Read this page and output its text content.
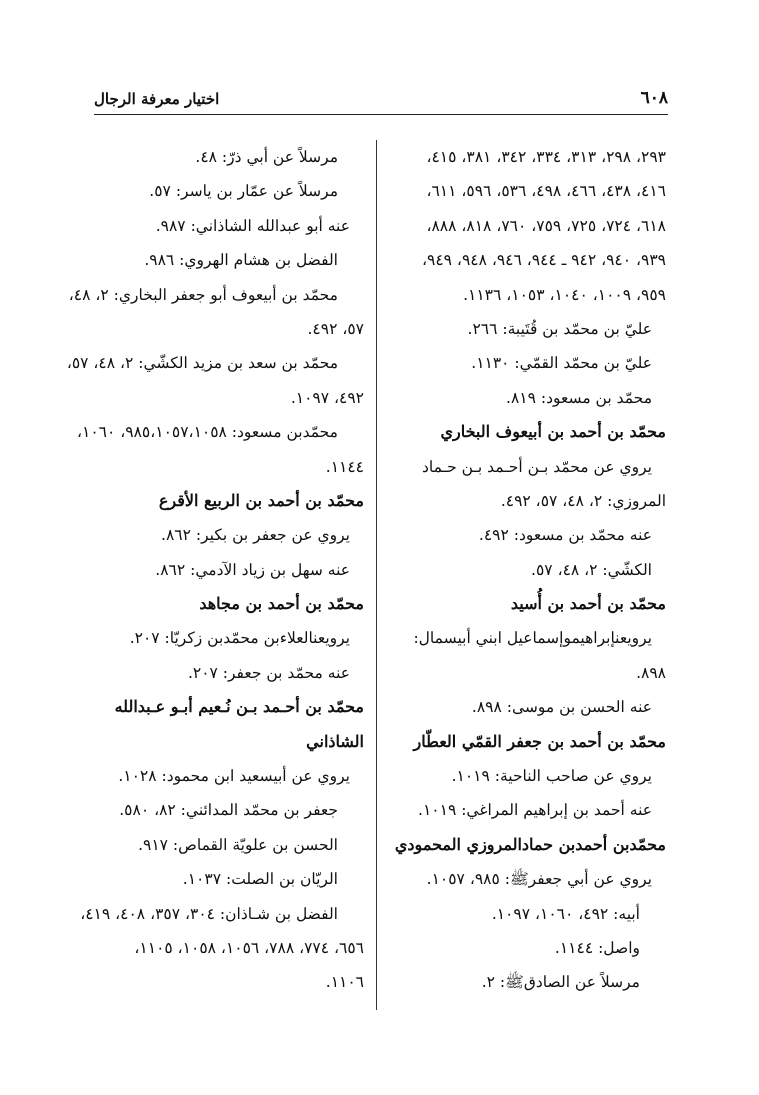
٦٠٨
اختيار معرفة الرجال
٢٩٣، ٢٩٨، ٣١٣، ٣٣٤، ٣٤٢، ٣٨١، ٤١٥،
٤١٦، ٤٣٨، ٤٦٦، ٤٩٨، ٥٣٦، ٥٩٦، ٦١١،
٦١٨، ٧٢٤، ٧٢٥، ٧٥٩، ٧٦٠، ٨١٨، ٨٨٨،
٩٣٩، ٩٤٠، ٩٤٢ ـ ٩٤٤، ٩٤٦، ٩٤٨، ٩٤٩،
٩٥٩، ١٠٠٩، ١٠٤٠، ١٠٥٣، ١١٣٦.
عليّ بن محمّد بن قُتَيبة: ٢٦٦.
عليّ بن محمّد القمّي: ١١٣٠.
محمّد بن مسعود: ٨١٩.
محمّد بن أحمد بن أبيعوف البخاري
يروي عن محمّد بـن أحـمد بـن حـماد
المروزي: ٢، ٤٨، ٥٧، ٤٩٢.
عنه محمّد بن مسعود: ٤٩٢.
الكشّي: ٢، ٤٨، ٥٧.
محمّد بن أحمد بن أُسيد
يرويعنإبراهيموإسماعيل ابني أبيسمال:
٨٩٨.
عنه الحسن بن موسى: ٨٩٨.
محمّد بن أحمد بن جعفر القمّي العطّار
يروي عن صاحب الناحية: ١٠١٩.
عنه أحمد بن إبراهيم المراغي: ١٠١٩.
محمّدبن أحمدبن حمادالمروزي المحمودي
يروي عن أبي جعفرﷺ: ٩٨٥، ١٠٥٧.
أبيه: ٤٩٢، ١٠٦٠، ١٠٩٧.
واصل: ١١٤٤.
مرسلاً عن الصادقﷺ: ٢.
مرسلاً عن أبي ذرّ: ٤٨.
مرسلاً عن عمّار بن ياسر: ٥٧.
عنه أبو عبدالله الشاذاني: ٩٨٧.
الفضل بن هشام الهروي: ٩٨٦.
محمّد بن أبيعوف أبو جعفر البخاري: ٢، ٤٨،
٥٧، ٤٩٢.
محمّد بن سعد بن مزيد الكشّي: ٢، ٤٨، ٥٧،
٤٩٢، ١٠٩٧.
محمّدبن مسعود: ٩٨٥،١٠٥٧،١٠٥٨، ١٠٦٠،
١١٤٤.
محمّد بن أحمد بن الربيع الأقرع
يروي عن جعفر بن بكير: ٨٦٢.
عنه سهل بن زياد الآدمي: ٨٦٢.
محمّد بن أحمد بن مجاهد
يرويعنالعلاءبن محمّدبن زكريّا: ٢٠٧.
عنه محمّد بن جعفر: ٢٠٧.
محمّد بن أحـمد بـن نُـعيم أبـو عـبدالله
الشاذاني
يروي عن أبيسعيد ابن محمود: ١٠٢٨.
جعفر بن محمّد المدائني: ٨٢، ٥٨٠.
الحسن بن علويّة القماص: ٩١٧.
الريّان بن الصلت: ١٠٣٧.
الفضل بن شـاذان: ٣٠٤، ٣٥٧، ٤٠٨، ٤١٩،
٦٥٦، ٧٧٤، ٧٨٨، ١٠٥٦، ١٠٥٨، ١١٠٥،
١١٠٦.
